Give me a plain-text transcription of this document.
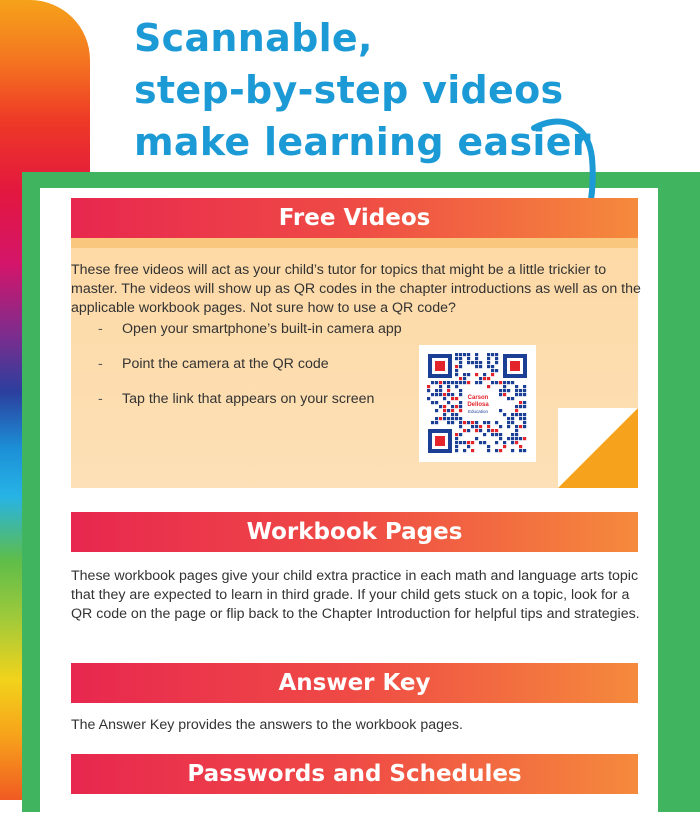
Scannable,
step-by-step videos
make learning easier
Free Videos

These free videos will act as your child’s tutor for topics that might be a little trickier to master. The videos will show up as QR codes in the chapter introductions as well as on the applicable workbook pages. Not sure how to use a QR code?

- Open your smartphone’s built-in camera app
- Point the camera at the QR code
- Tap the link that appears on your screen	Carson
Dellosa
Education
Workbook Pages

These workbook pages give your child extra practice in each math and language arts topic that they are expected to learn in third grade. If your child gets stuck on a topic, look for a QR code on the page or flip back to the Chapter Introduction for helpful tips and strategies.

Answer Key

The Answer Key provides the answers to the workbook pages.

Passwords and Schedules
